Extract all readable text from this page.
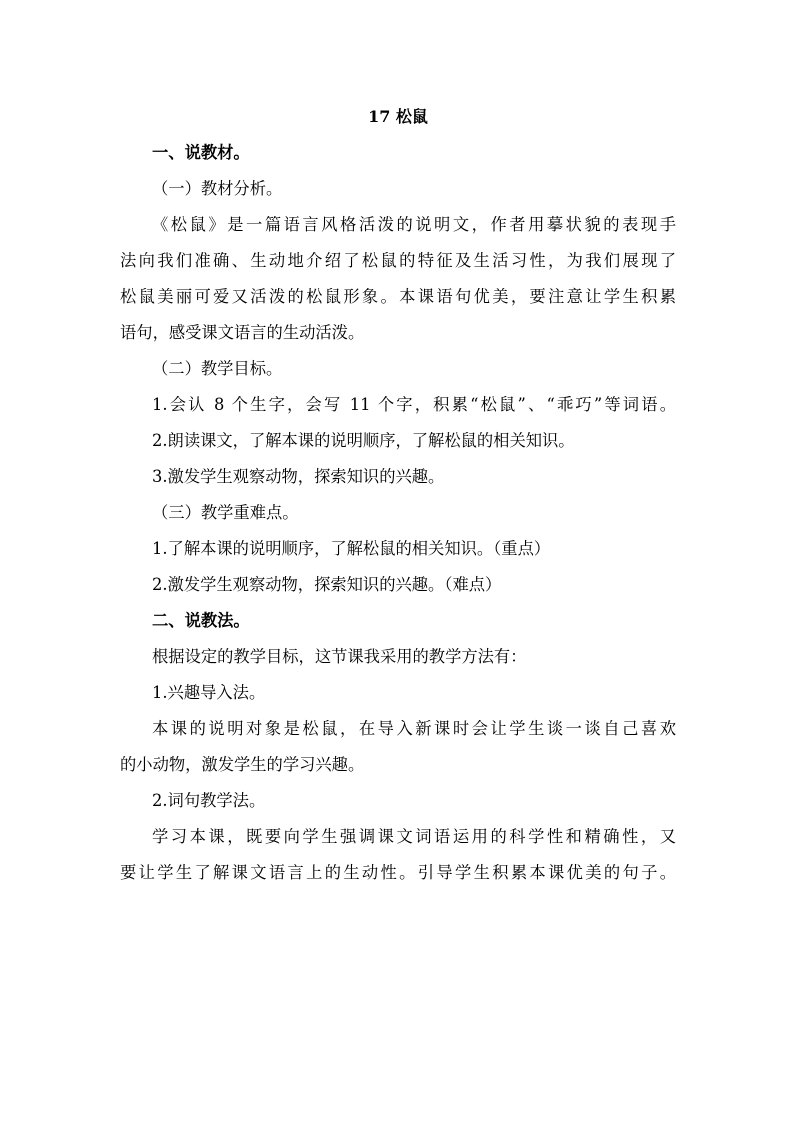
17 松鼠

一、说教材。

（一）教材分析。

《松鼠》是一篇语言风格活泼的说明文，作者用摹状貌的表现手

法向我们准确、生动地介绍了松鼠的特征及生活习性，为我们展现了

松鼠美丽可爱又活泼的松鼠形象。本课语句优美，要注意让学生积累

语句，感受课文语言的生动活泼。

（二）教学目标。

1.会认 8 个生字，会写 11 个字，积累“松鼠”、“乖巧”等词语。

2.朗读课文，了解本课的说明顺序，了解松鼠的相关知识。

3.激发学生观察动物，探索知识的兴趣。

（三）教学重难点。

1.了解本课的说明顺序，了解松鼠的相关知识。（重点）

2.激发学生观察动物，探索知识的兴趣。（难点）

二、说教法。

根据设定的教学目标，这节课我采用的教学方法有：

1.兴趣导入法。

本课的说明对象是松鼠，在导入新课时会让学生谈一谈自己喜欢

的小动物，激发学生的学习兴趣。

2.词句教学法。

学习本课，既要向学生强调课文词语运用的科学性和精确性，又

要让学生了解课文语言上的生动性。引导学生积累本课优美的句子。
